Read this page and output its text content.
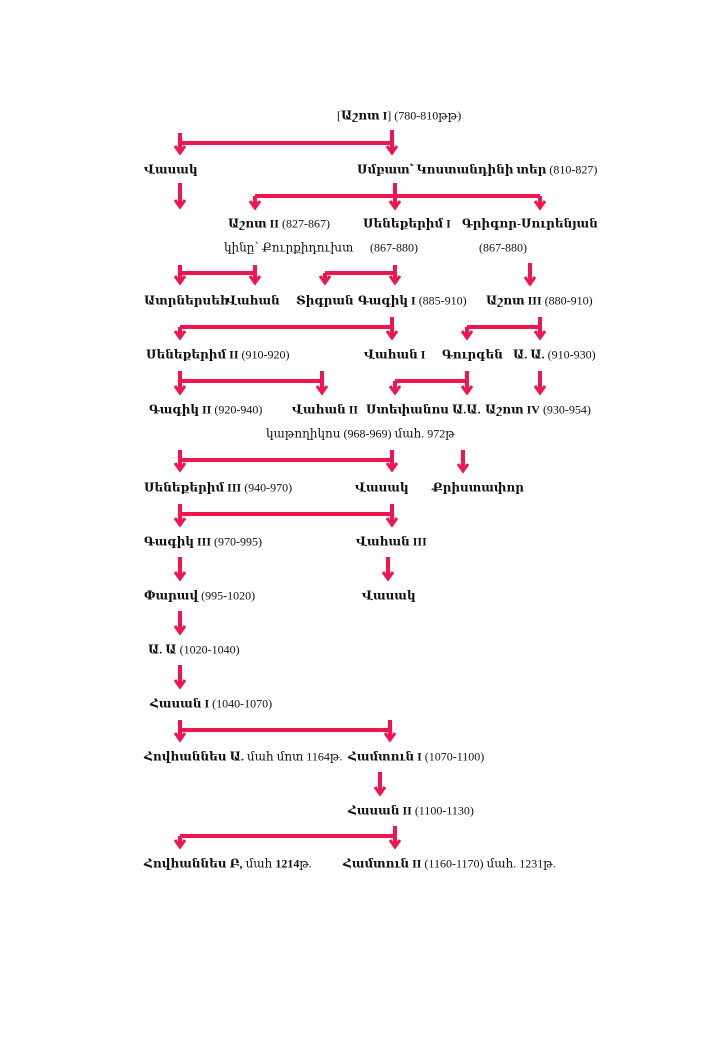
[Աշոտ I] (780-810թթ)
Վասակ	Սմբատ՝ Կոստանդինի տեր (810-827)
Աշոտ II (827-867)
կինը՝ Քուրքիդուխտ
Սենեքերիմ I
(867-880)
Գրիգոր-Սուրենյան
(867-880)
Ատրներսեհ
Վահան Տիգրան Գագիկ I (885-910) Աշոտ III (880-910)
Սենեքերիմ II (910-920)	Վահան I Գուրգեն Ա. Ա. (910-930)
Գագիկ II (920-940) Վահան II Ստեփանոս Ա.Ա. Աշոտ IV (930-954)
կաթողիկոս (968-969) մահ. 972թ
Սենեքերիմ III (940-970)	Վասակ Քրիստափոր
Գագիկ III (970-995)	Վահան III
Փարավ (995-1020)	Վասակ
Ա. Ա (1020-1040)
Հասան I (1040-1070)
Հովհաննես Ա. մահ մոտ 1164թ. Համտուն I (1070-1100)
Հասան II (1100-1130)
Հովհաննես Բ, մահ 1214թ.	Համտուն II (1160-1170) մահ. 1231թ.
